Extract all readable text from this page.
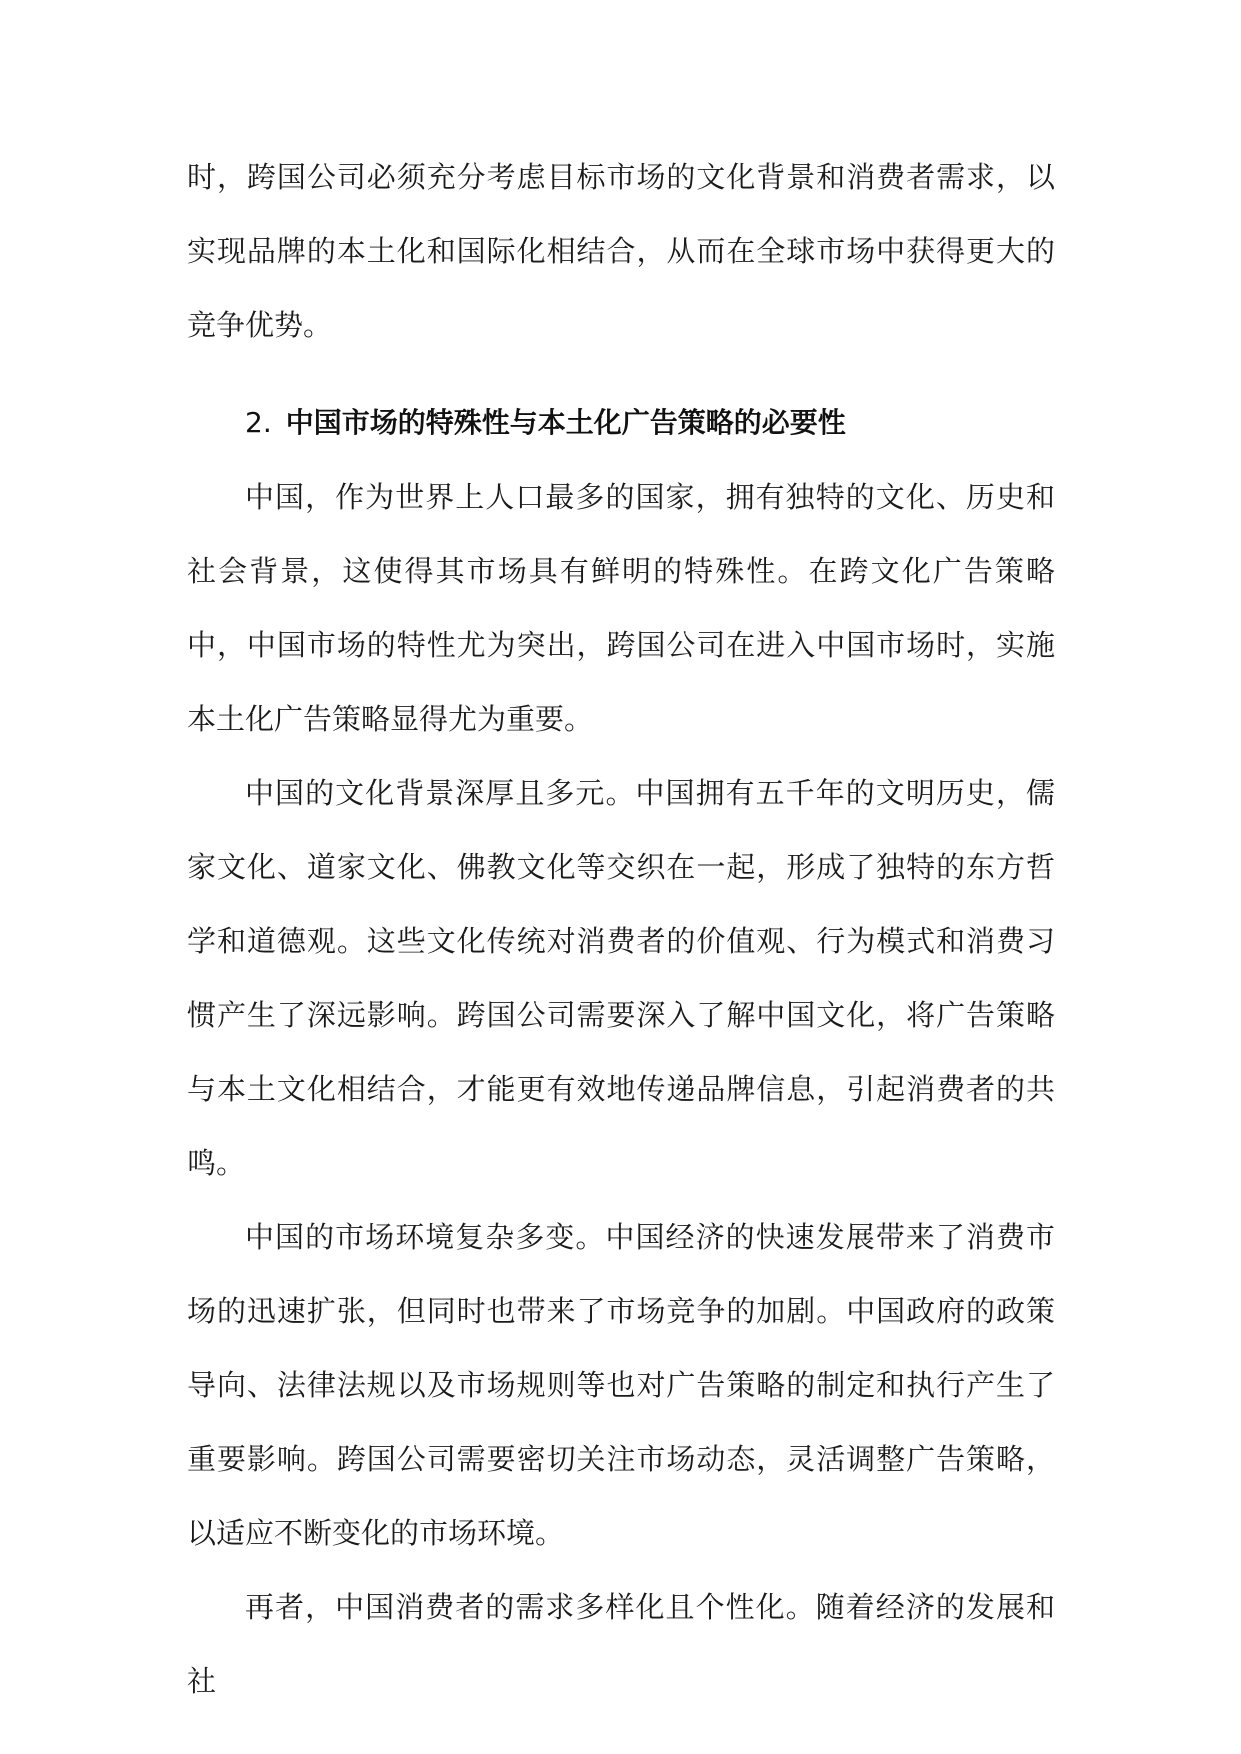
时，跨国公司必须充分考虑目标市场的文化背景和消费者需求，以实现品牌的本土化和国际化相结合，从而在全球市场中获得更大的竞争优势。

2. 中国市场的特殊性与本土化广告策略的必要性

中国，作为世界上人口最多的国家，拥有独特的文化、历史和社会背景，这使得其市场具有鲜明的特殊性。在跨文化广告策略中，中国市场的特性尤为突出，跨国公司在进入中国市场时，实施本土化广告策略显得尤为重要。

中国的文化背景深厚且多元。中国拥有五千年的文明历史，儒家文化、道家文化、佛教文化等交织在一起，形成了独特的东方哲学和道德观。这些文化传统对消费者的价值观、行为模式和消费习惯产生了深远影响。跨国公司需要深入了解中国文化，将广告策略与本土文化相结合，才能更有效地传递品牌信息，引起消费者的共鸣。

中国的市场环境复杂多变。中国经济的快速发展带来了消费市场的迅速扩张，但同时也带来了市场竞争的加剧。中国政府的政策导向、法律法规以及市场规则等也对广告策略的制定和执行产生了重要影响。跨国公司需要密切关注市场动态，灵活调整广告策略，以适应不断变化的市场环境。

再者，中国消费者的需求多样化且个性化。随着经济的发展和社
